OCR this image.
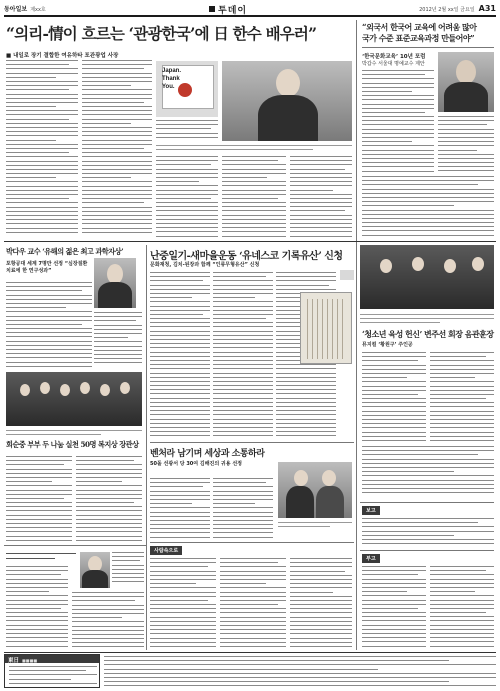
동아일보 제xx호	투데이	2012년 2월 xx일 금요일 A31
“의리-情이 흐르는 ‘관광한국’에 日 한수 배우러”
■ 내일로 장기 결합한 여유하타 포관광업 사장
Japan.
Thank
You.
“외국서 한국어 교육에 어려움 많아
국가 수준 표준교육과정 만들어야”
‘한국문화교육’ 10년 포럼
박갑수 서울대 명예교수 제안
박다우 교수 ‘유해의 젊은 최고 과학자상’
포항공대 세계 7명만 선정 “심장질환 치료에 한 연구성과”
회순중 부부 두 나눔 실천 50명 복지상 장관상
東日 ■■■■
난중일기-새마을운동 ‘유네스코 기록유산’ 신청
문화재청, 김치-된장과 함께 “인류무형유산” 신청
벤처라 남기며 세상과 소통하라
50돌 선광서 당 30여 김배진의 귀용 선정
사람속으로
‘청소년 육성 헌신’ 변주선 회장 음관훈장
뮤지컬 ‘황원구’ 주인공
보고
부고
